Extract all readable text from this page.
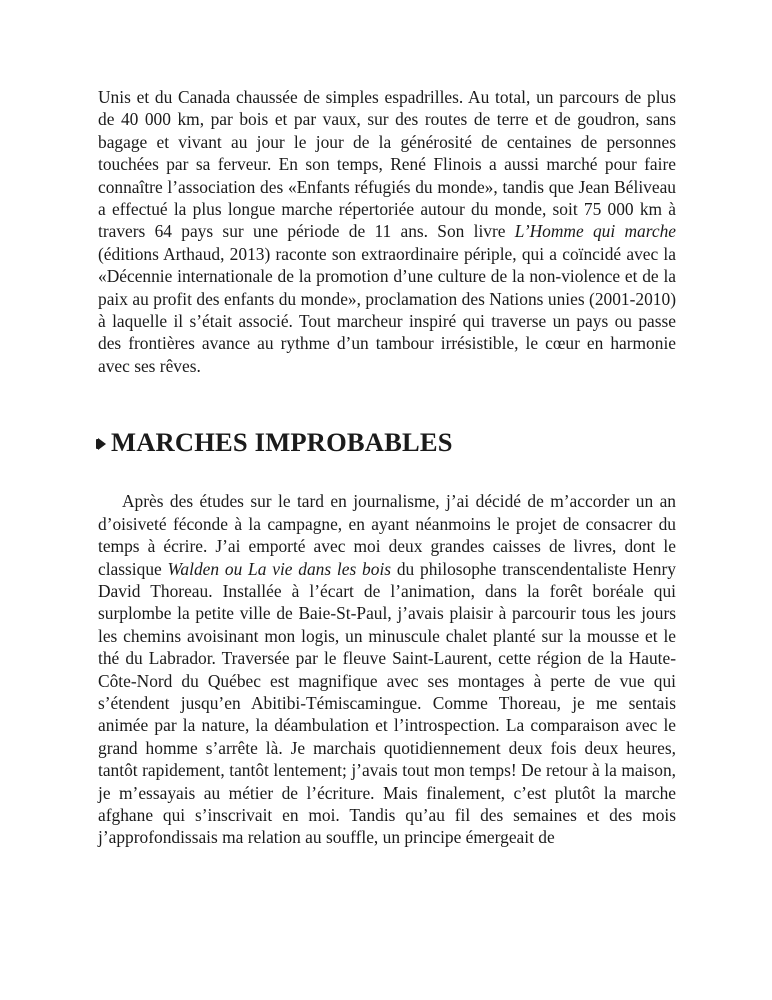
Unis et du Canada chaussée de simples espadrilles. Au total, un parcours de plus de 40 000 km, par bois et par vaux, sur des routes de terre et de goudron, sans bagage et vivant au jour le jour de la générosité de centaines de personnes touchées par sa ferveur. En son temps, René Flinois a aussi marché pour faire connaître l’association des «Enfants réfugiés du monde», tandis que Jean Béliveau a effectué la plus longue marche répertoriée autour du monde, soit 75 000 km à travers 64 pays sur une période de 11 ans. Son livre L’Homme qui marche (éditions Arthaud, 2013) raconte son extraordinaire périple, qui a coïncidé avec la «Décennie internationale de la promotion d’une culture de la non-violence et de la paix au profit des enfants du monde», proclamation des Nations unies (2001-2010) à laquelle il s’était associé. Tout marcheur inspiré qui traverse un pays ou passe des frontières avance au rythme d’un tambour irrésistible, le cœur en harmonie avec ses rêves.

MARCHES IMPROBABLES

Après des études sur le tard en journalisme, j’ai décidé de m’accorder un an d’oisiveté féconde à la campagne, en ayant néanmoins le projet de consacrer du temps à écrire. J’ai emporté avec moi deux grandes caisses de livres, dont le classique Walden ou La vie dans les bois du philosophe transcendentaliste Henry David Thoreau. Installée à l’écart de l’animation, dans la forêt boréale qui surplombe la petite ville de Baie-St-Paul, j’avais plaisir à parcourir tous les jours les chemins avoisinant mon logis, un minuscule chalet planté sur la mousse et le thé du Labrador. Traversée par le fleuve Saint-Laurent, cette région de la Haute-Côte-Nord du Québec est magnifique avec ses montages à perte de vue qui s’étendent jusqu’en Abitibi-Témiscamingue. Comme Thoreau, je me sentais animée par la nature, la déambulation et l’introspection. La comparaison avec le grand homme s’arrête là. Je marchais quotidiennement deux fois deux heures, tantôt rapidement, tantôt lentement; j’avais tout mon temps! De retour à la maison, je m’essayais au métier de l’écriture. Mais finalement, c’est plutôt la marche afghane qui s’inscrivait en moi. Tandis qu’au fil des semaines et des mois j’approfondissais ma relation au souffle, un principe émergeait de
